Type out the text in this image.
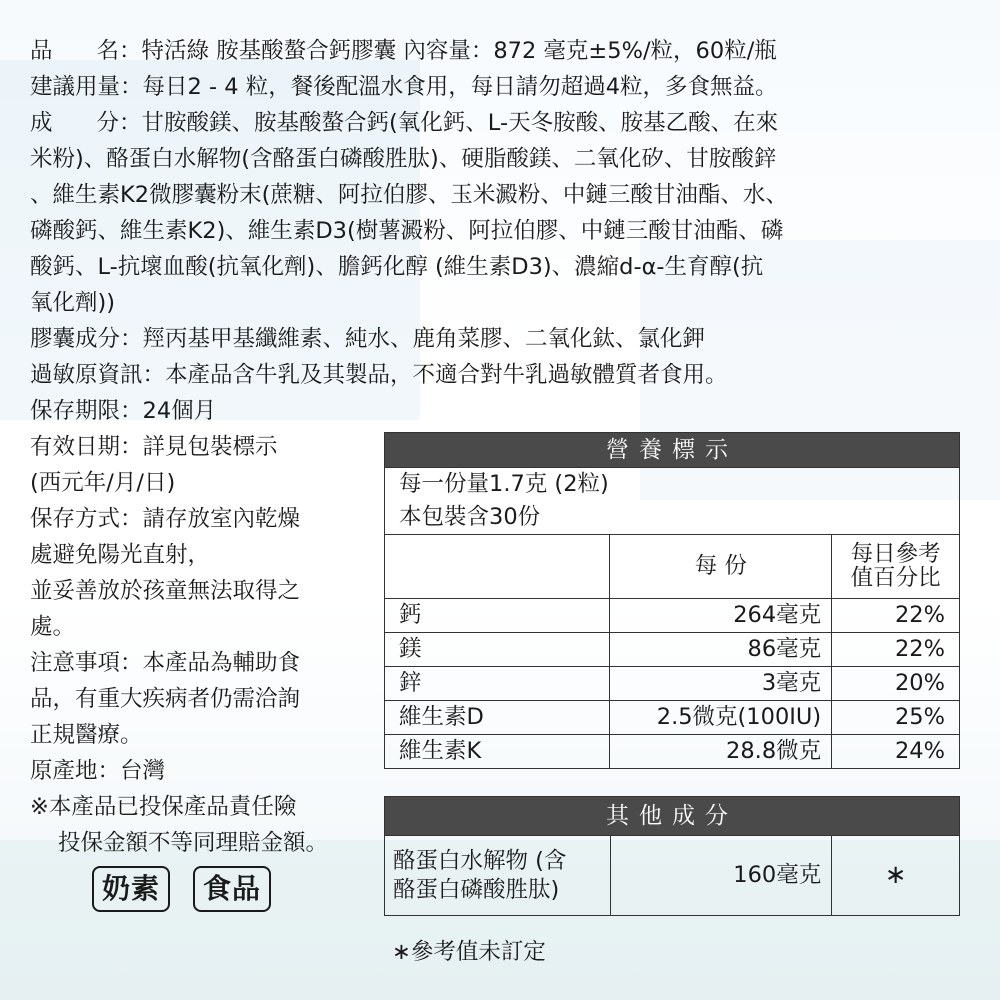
品 名：特活綠 胺基酸螯合鈣膠囊 內容量：872 毫克±5%/粒，60粒/瓶
建議用量：每日2 - 4 粒，餐後配溫水食用，每日請勿超過4粒，多食無益。
成 分：甘胺酸鎂、胺基酸螯合鈣(氧化鈣、L-天冬胺酸、胺基乙酸、在來
米粉)、酪蛋白水解物(含酪蛋白磷酸胜肽)、硬脂酸鎂、二氧化矽、甘胺酸鋅
、維生素K2微膠囊粉末(蔗糖、阿拉伯膠、玉米澱粉、中鏈三酸甘油酯、水、
磷酸鈣、維生素K2)、維生素D3(樹薯澱粉、阿拉伯膠、中鏈三酸甘油酯、磷
酸鈣、L-抗壞血酸(抗氧化劑)、膽鈣化醇 (維生素D3)、濃縮d-α-生育醇(抗
氧化劑))
膠囊成分：羥丙基甲基纖維素、純水、鹿角菜膠、二氧化鈦、氯化鉀
過敏原資訊：本產品含牛乳及其製品，不適合對牛乳過敏體質者食用。
保存期限：24個月
有效日期：詳見包裝標示
(西元年/月/日)
保存方式：請存放室內乾燥
處避免陽光直射，
並妥善放於孩童無法取得之
處。
注意事項：本產品為輔助食
品，有重大疾病者仍需洽詢
正規醫療。
原產地：台灣
※本產品已投保產品責任險
投保金額不等同理賠金額。
奶素	食品
營養標示		
每一份量1.7克 (2粒)		
本包裝含30份		
	每 份	每日參考
值百分比
鈣	264毫克	22%
鎂	86毫克	22%
鋅	3毫克	20%
維生素D	2.5微克(100IU)	25%
維生素K	28.8微克	24%
其他成分
酪蛋白水解物 (含
酪蛋白磷酸胜肽)	160毫克	∗
∗參考值未訂定
